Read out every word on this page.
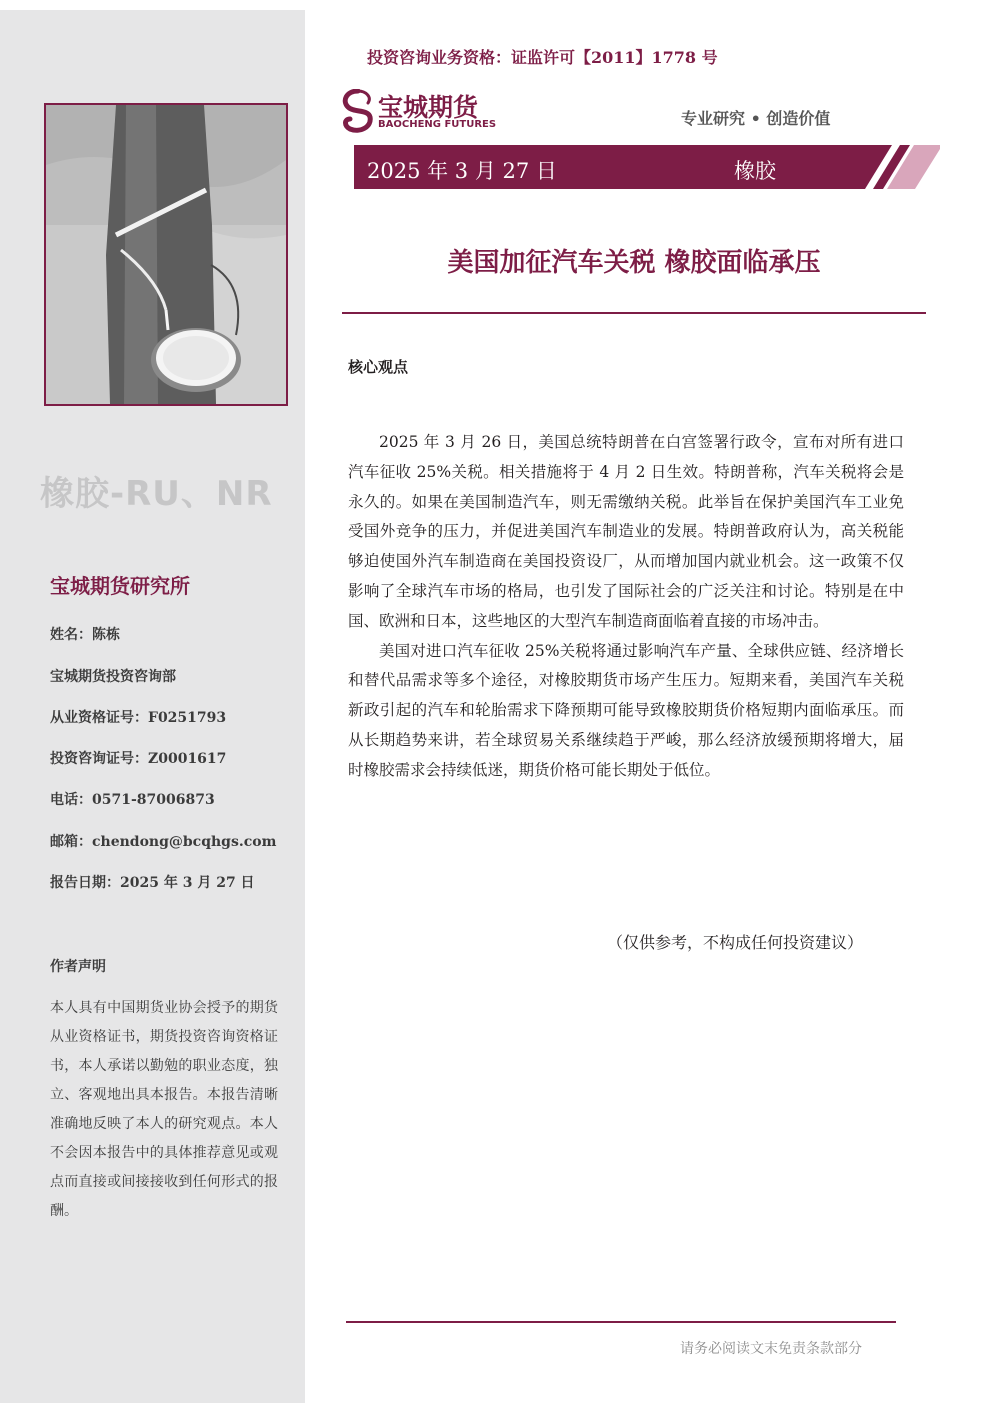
橡胶-RU、NR
宝城期货研究所
姓名：陈栋
宝城期货投资咨询部
从业资格证号：F0251793
投资咨询证号：Z0001617
电话：0571-87006873
邮箱：chendong@bcqhgs.com
报告日期：2025 年 3 月 27 日
作者声明
本人具有中国期货业协会授予的期货从业资格证书，期货投资咨询资格证书，本人承诺以勤勉的职业态度，独立、客观地出具本报告。本报告清晰准确地反映了本人的研究观点。本人不会因本报告中的具体推荐意见或观点而直接或间接接收到任何形式的报酬。
投资咨询业务资格：证监许可【2011】1778 号
宝城期货
BAOCHENG FUTURES	专业研究 • 创造价值
2025 年 3 月 27 日	橡胶
美国加征汽车关税 橡胶面临承压
核心观点

2025 年 3 月 26 日，美国总统特朗普在白宫签署行政令，宣布对所有进口汽车征收 25%关税。相关措施将于 4 月 2 日生效。特朗普称，汽车关税将会是永久的。如果在美国制造汽车，则无需缴纳关税。此举旨在保护美国汽车工业免受国外竞争的压力，并促进美国汽车制造业的发展。特朗普政府认为，高关税能够迫使国外汽车制造商在美国投资设厂，从而增加国内就业机会。这一政策不仅影响了全球汽车市场的格局，也引发了国际社会的广泛关注和讨论。特别是在中国、欧洲和日本，这些地区的大型汽车制造商面临着直接的市场冲击。

美国对进口汽车征收 25%关税将通过影响汽车产量、全球供应链、经济增长和替代品需求等多个途径，对橡胶期货市场产生压力。短期来看，美国汽车关税新政引起的汽车和轮胎需求下降预期可能导致橡胶期货价格短期内面临承压。而从长期趋势来讲，若全球贸易关系继续趋于严峻，那么经济放缓预期将增大，届时橡胶需求会持续低迷，期货价格可能长期处于低位。

（仅供参考，不构成任何投资建议）
请务必阅读文末免责条款部分
